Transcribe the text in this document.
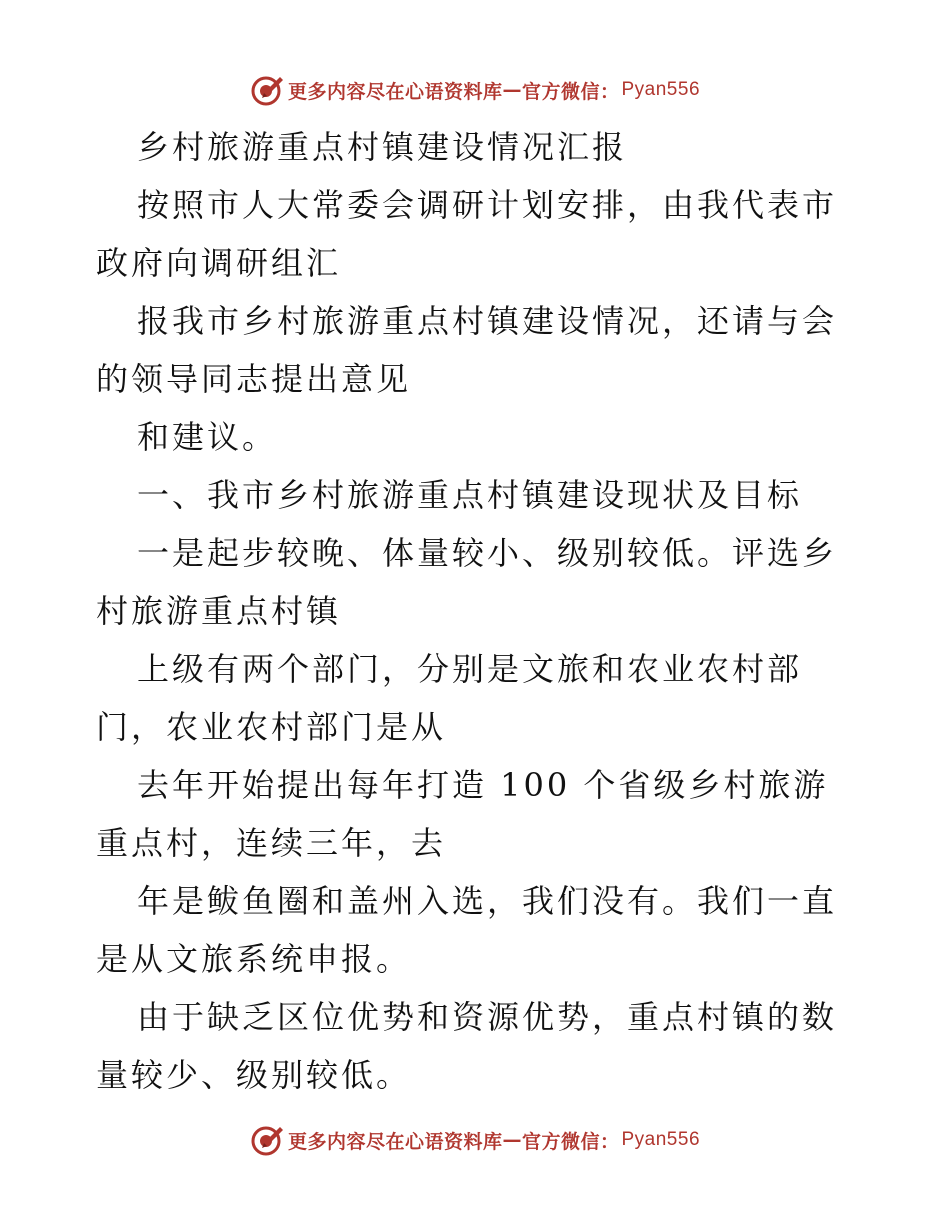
更多内容尽在心语资料库 — 官方微信： Pyan556

乡村旅游重点村镇建设情况汇报

按照市人大常委会调研计划安排，由我代表市政府向调研组汇

报我市乡村旅游重点村镇建设情况，还请与会的领导同志提出意见

和建议。

一、我市乡村旅游重点村镇建设现状及目标

一是起步较晚、体量较小、级别较低。评选乡村旅游重点村镇

上级有两个部门，分别是文旅和农业农村部门，农业农村部门是从

去年开始提出每年打造 100 个省级乡村旅游重点村，连续三年，去

年是鲅鱼圈和盖州入选，我们没有。我们一直是从文旅系统申报。

由于缺乏区位优势和资源优势，重点村镇的数量较少、级别较低。

更多内容尽在心语资料库 — 官方微信： Pyan556
